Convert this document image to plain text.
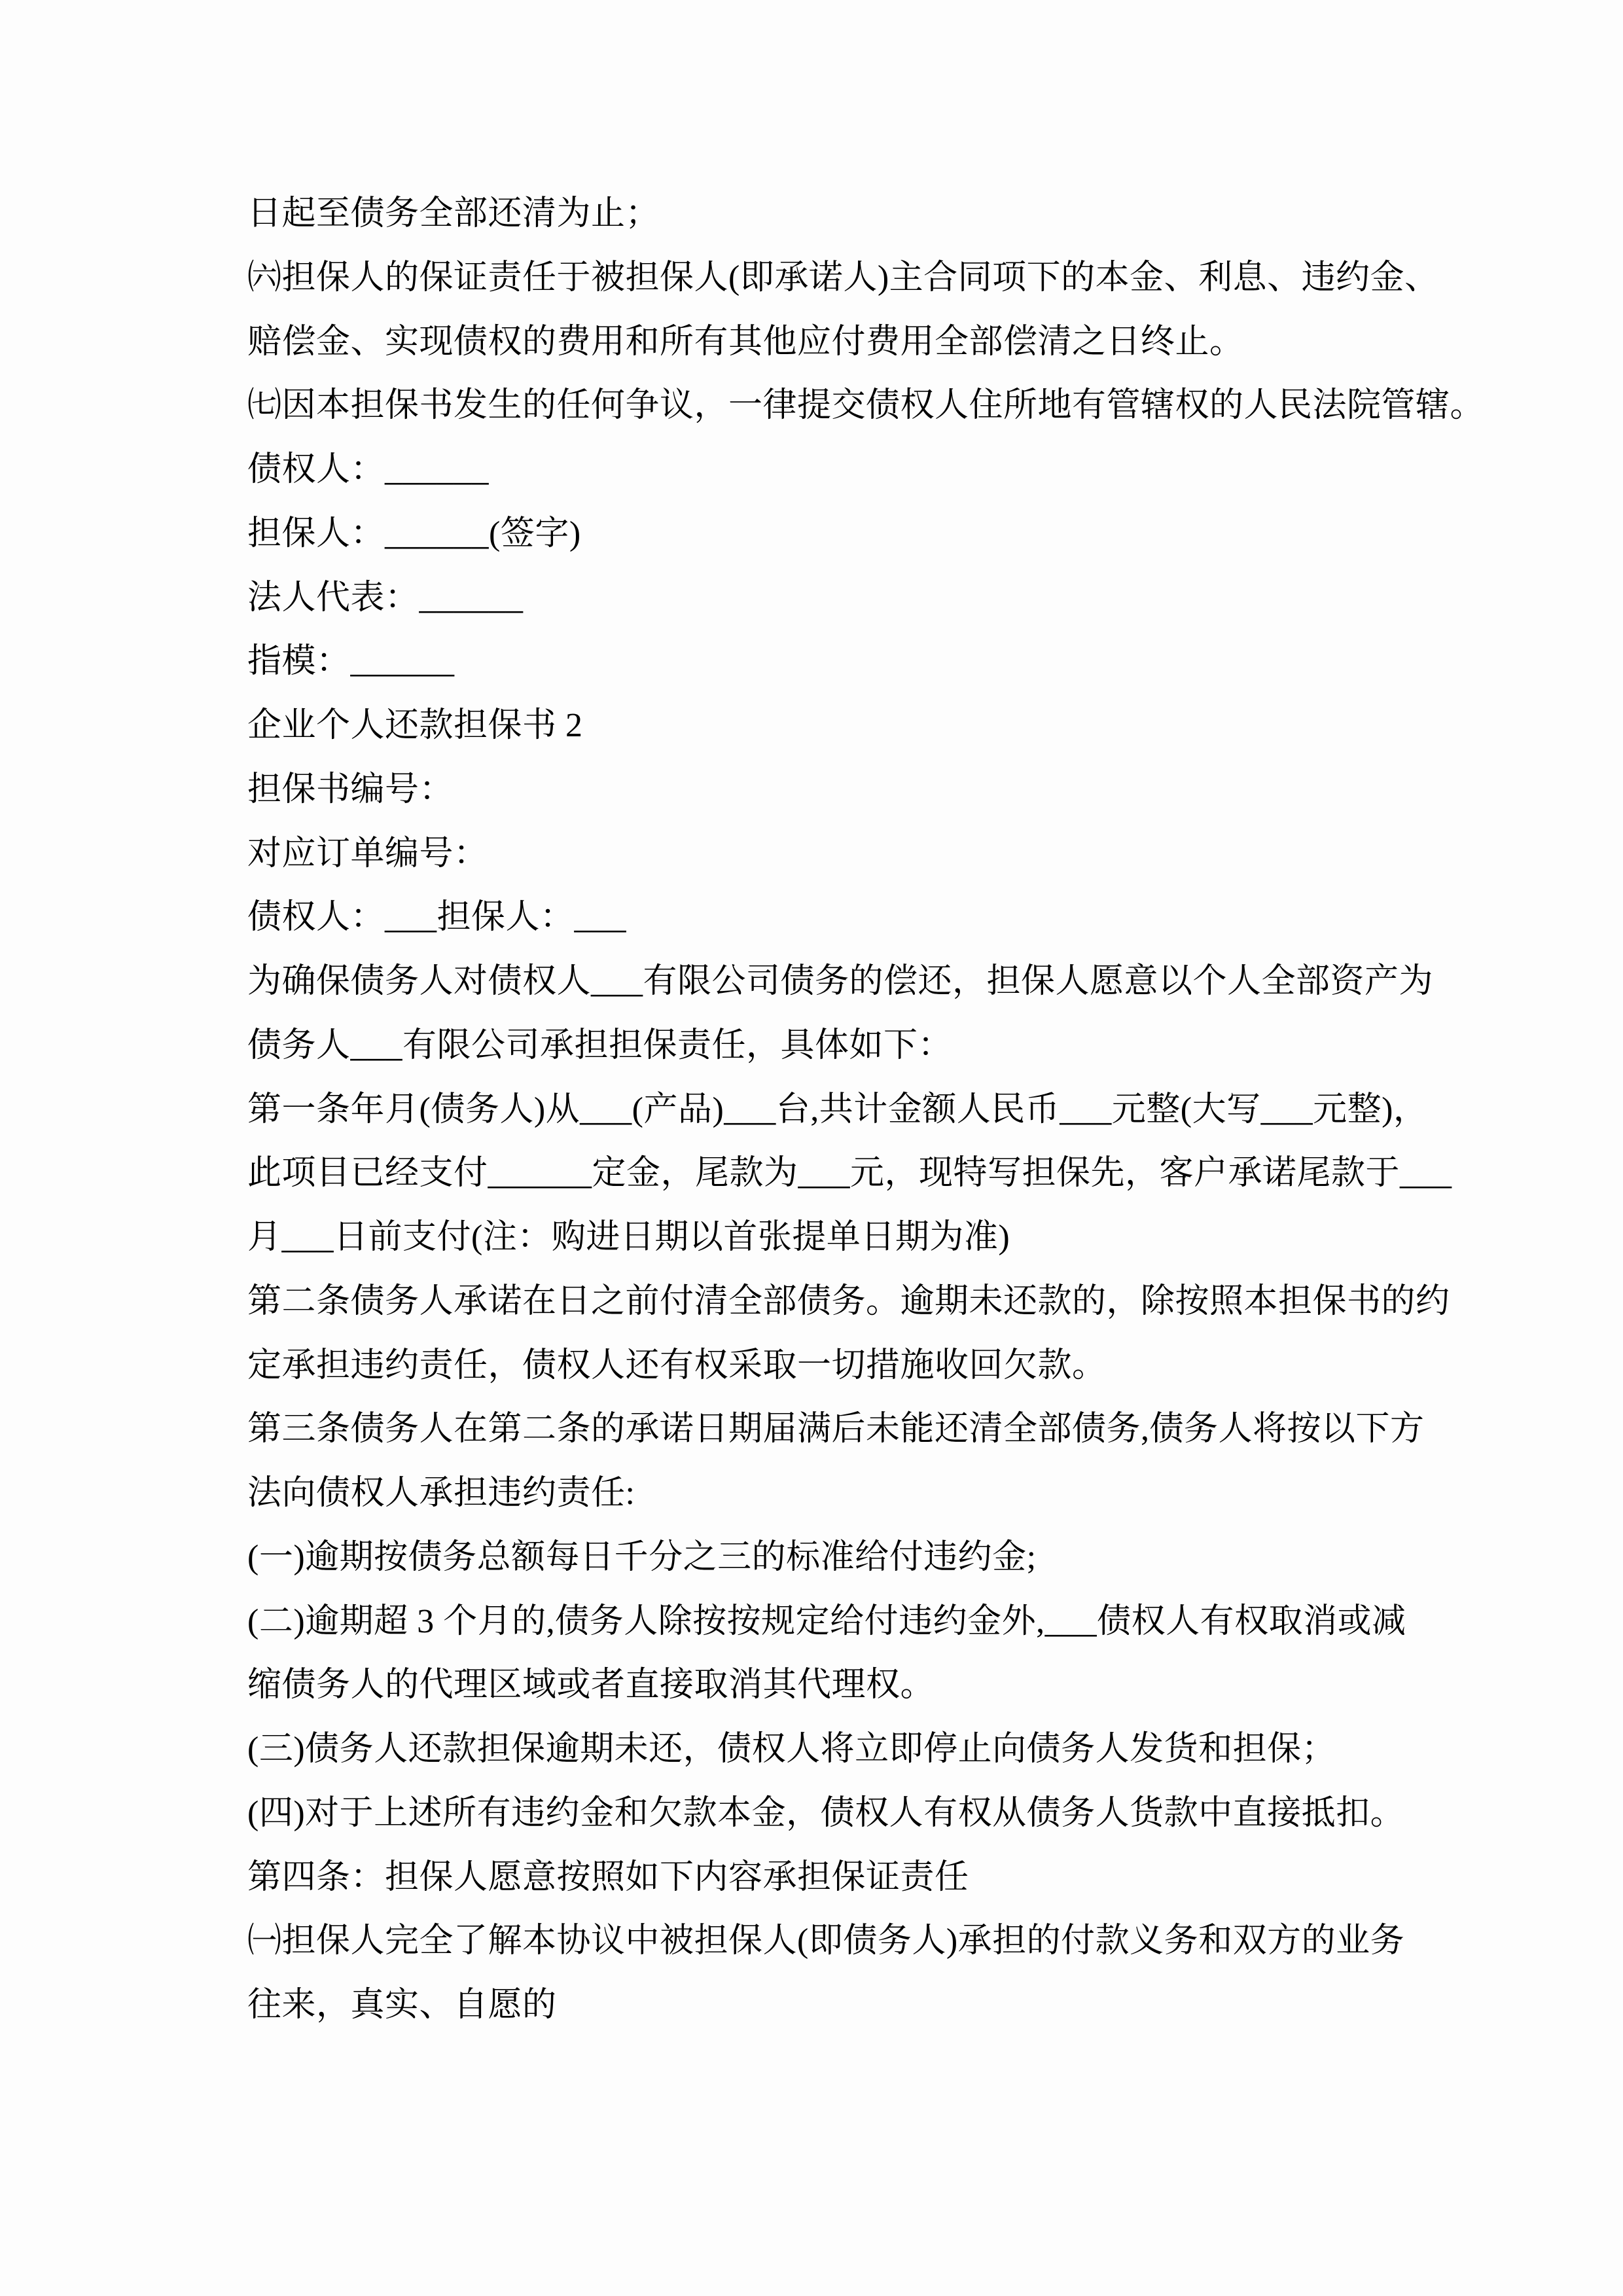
日起至债务全部还清为止；

㈥担保人的保证责任于被担保人(即承诺人)主合同项下的本金、利息、违约金、

赔偿金、实现债权的费用和所有其他应付费用全部偿清之日终止。

㈦因本担保书发生的任何争议，一律提交债权人住所地有管辖权的人民法院管辖。

债权人：______

担保人：______(签字)

法人代表：______

指模：______

企业个人还款担保书 2

担保书编号：

对应订单编号：

债权人：___担保人：___

为确保债务人对债权人___有限公司债务的偿还，担保人愿意以个人全部资产为

债务人___有限公司承担担保责任，具体如下：

第一条年月(债务人)从___(产品)___台,共计金额人民币___元整(大写___元整)，

此项目已经支付______定金，尾款为___元，现特写担保先，客户承诺尾款于___

月___日前支付(注：购进日期以首张提单日期为准)

第二条债务人承诺在日之前付清全部债务。逾期未还款的，除按照本担保书的约

定承担违约责任，债权人还有权采取一切措施收回欠款。

第三条债务人在第二条的承诺日期届满后未能还清全部债务,债务人将按以下方

法向债权人承担违约责任:

(一)逾期按债务总额每日千分之三的标准给付违约金;

(二)逾期超 3 个月的,债务人除按按规定给付违约金外,___债权人有权取消或减

缩债务人的代理区域或者直接取消其代理权。

(三)债务人还款担保逾期未还，债权人将立即停止向债务人发货和担保；

(四)对于上述所有违约金和欠款本金，债权人有权从债务人货款中直接抵扣。

第四条：担保人愿意按照如下内容承担保证责任

㈠担保人完全了解本协议中被担保人(即债务人)承担的付款义务和双方的业务

往来，真实、自愿的
